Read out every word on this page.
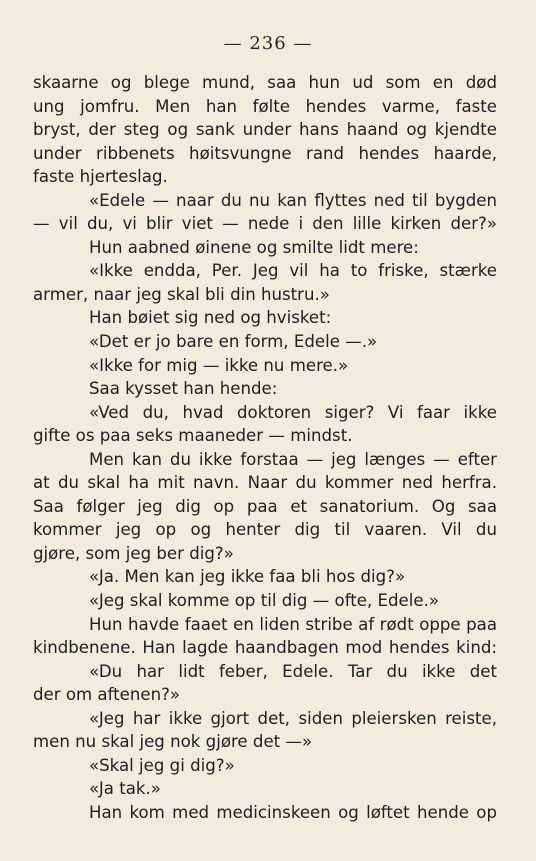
— 236 —
skaarne og blege mund, saa hun ud som en død
ung jomfru. Men han følte hendes varme, faste
bryst, der steg og sank under hans haand og kjendte
under ribbenets høitsvungne rand hendes haarde,
faste hjerteslag.
«Edele — naar du nu kan flyttes ned til bygden
— vil du, vi blir viet — nede i den lille kirken der?»
Hun aabned øinene og smilte lidt mere:
«Ikke endda, Per. Jeg vil ha to friske, stærke
armer, naar jeg skal bli din hustru.»
Han bøiet sig ned og hvisket:
«Det er jo bare en form, Edele —.»
«Ikke for mig — ikke nu mere.»
Saa kysset han hende:
«Ved du, hvad doktoren siger? Vi faar ikke
gifte os paa seks maaneder — mindst.
Men kan du ikke forstaa — jeg længes — efter
at du skal ha mit navn. Naar du kommer ned herfra.
Saa følger jeg dig op paa et sanatorium. Og saa
kommer jeg op og henter dig til vaaren. Vil du
gjøre, som jeg ber dig?»
«Ja. Men kan jeg ikke faa bli hos dig?»
«Jeg skal komme op til dig — ofte, Edele.»
Hun havde faaet en liden stribe af rødt oppe paa
kindbenene. Han lagde haandbagen mod hendes kind:
«Du har lidt feber, Edele. Tar du ikke det
der om aftenen?»
«Jeg har ikke gjort det, siden pleiersken reiste,
men nu skal jeg nok gjøre det —»
«Skal jeg gi dig?»
«Ja tak.»
Han kom med medicinskeen og løftet hende op
